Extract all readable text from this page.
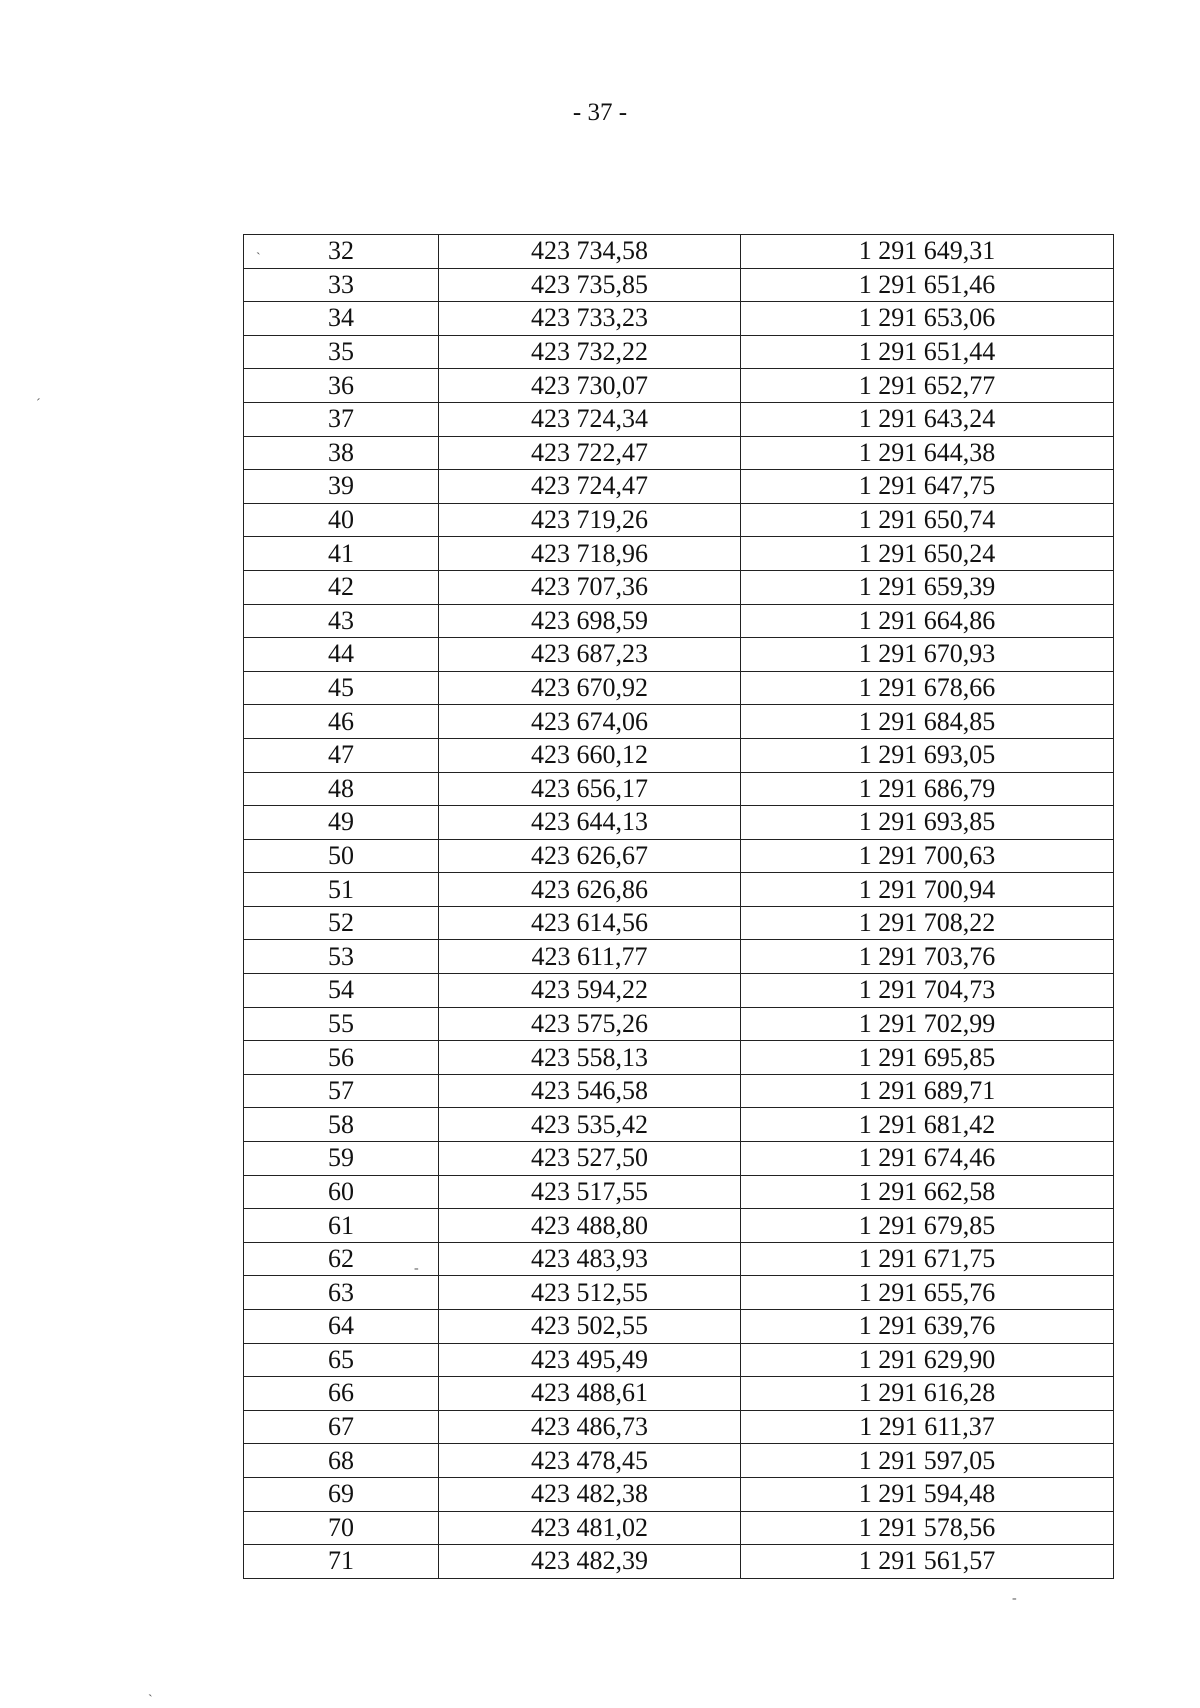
- 37 -
32	423 734,58	1 291 649,31
33	423 735,85	1 291 651,46
34	423 733,23	1 291 653,06
35	423 732,22	1 291 651,44
36	423 730,07	1 291 652,77
37	423 724,34	1 291 643,24
38	423 722,47	1 291 644,38
39	423 724,47	1 291 647,75
40	423 719,26	1 291 650,74
41	423 718,96	1 291 650,24
42	423 707,36	1 291 659,39
43	423 698,59	1 291 664,86
44	423 687,23	1 291 670,93
45	423 670,92	1 291 678,66
46	423 674,06	1 291 684,85
47	423 660,12	1 291 693,05
48	423 656,17	1 291 686,79
49	423 644,13	1 291 693,85
50	423 626,67	1 291 700,63
51	423 626,86	1 291 700,94
52	423 614,56	1 291 708,22
53	423 611,77	1 291 703,76
54	423 594,22	1 291 704,73
55	423 575,26	1 291 702,99
56	423 558,13	1 291 695,85
57	423 546,58	1 291 689,71
58	423 535,42	1 291 681,42
59	423 527,50	1 291 674,46
60	423 517,55	1 291 662,58
61	423 488,80	1 291 679,85
62	423 483,93	1 291 671,75
63	423 512,55	1 291 655,76
64	423 502,55	1 291 639,76
65	423 495,49	1 291 629,90
66	423 488,61	1 291 616,28
67	423 486,73	1 291 611,37
68	423 478,45	1 291 597,05
69	423 482,38	1 291 594,48
70	423 481,02	1 291 578,56
71	423 482,39	1 291 561,57
`
´
-
-
`
